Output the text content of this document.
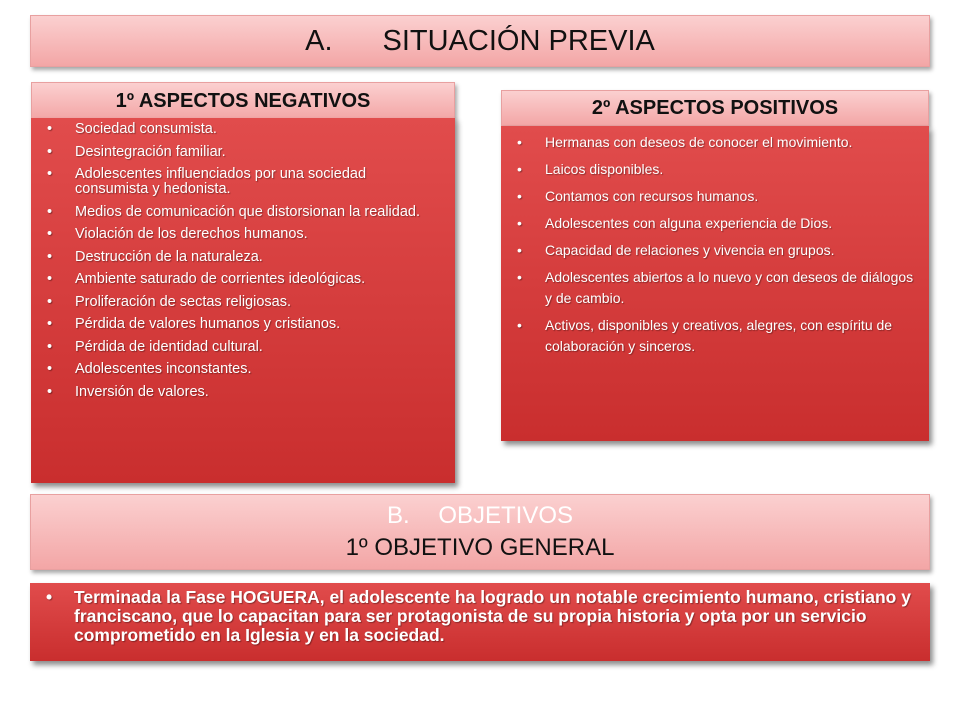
A. SITUACIÓN PREVIA
1º ASPECTOS NEGATIVOS
• Sociedad consumista.
• Desintegración familiar.
• Adolescentes influenciados por una sociedad consumista y hedonista.
• Medios de comunicación que distorsionan la realidad.
• Violación de los derechos humanos.
• Destrucción de la naturaleza.
• Ambiente saturado de corrientes ideológicas.
• Proliferación de sectas religiosas.
• Pérdida de valores humanos y cristianos.
• Pérdida de identidad cultural.
• Adolescentes inconstantes.
• Inversión de valores.
2º ASPECTOS POSITIVOS
• Hermanas con deseos de conocer el movimiento.
• Laicos disponibles.
• Contamos con recursos humanos.
• Adolescentes con alguna experiencia de Dios.
• Capacidad de relaciones y vivencia en grupos.
• Adolescentes abiertos a lo nuevo y con deseos de diálogos y de cambio.
• Activos, disponibles y creativos, alegres, con espíritu de colaboración y sinceros.
B. OBJETIVOS
1º OBJETIVO GENERAL
• Terminada la Fase HOGUERA, el adolescente ha logrado un notable crecimiento humano, cristiano y franciscano, que lo capacitan para ser protagonista de su propia historia y opta por un servicio comprometido en la Iglesia y en la sociedad.
